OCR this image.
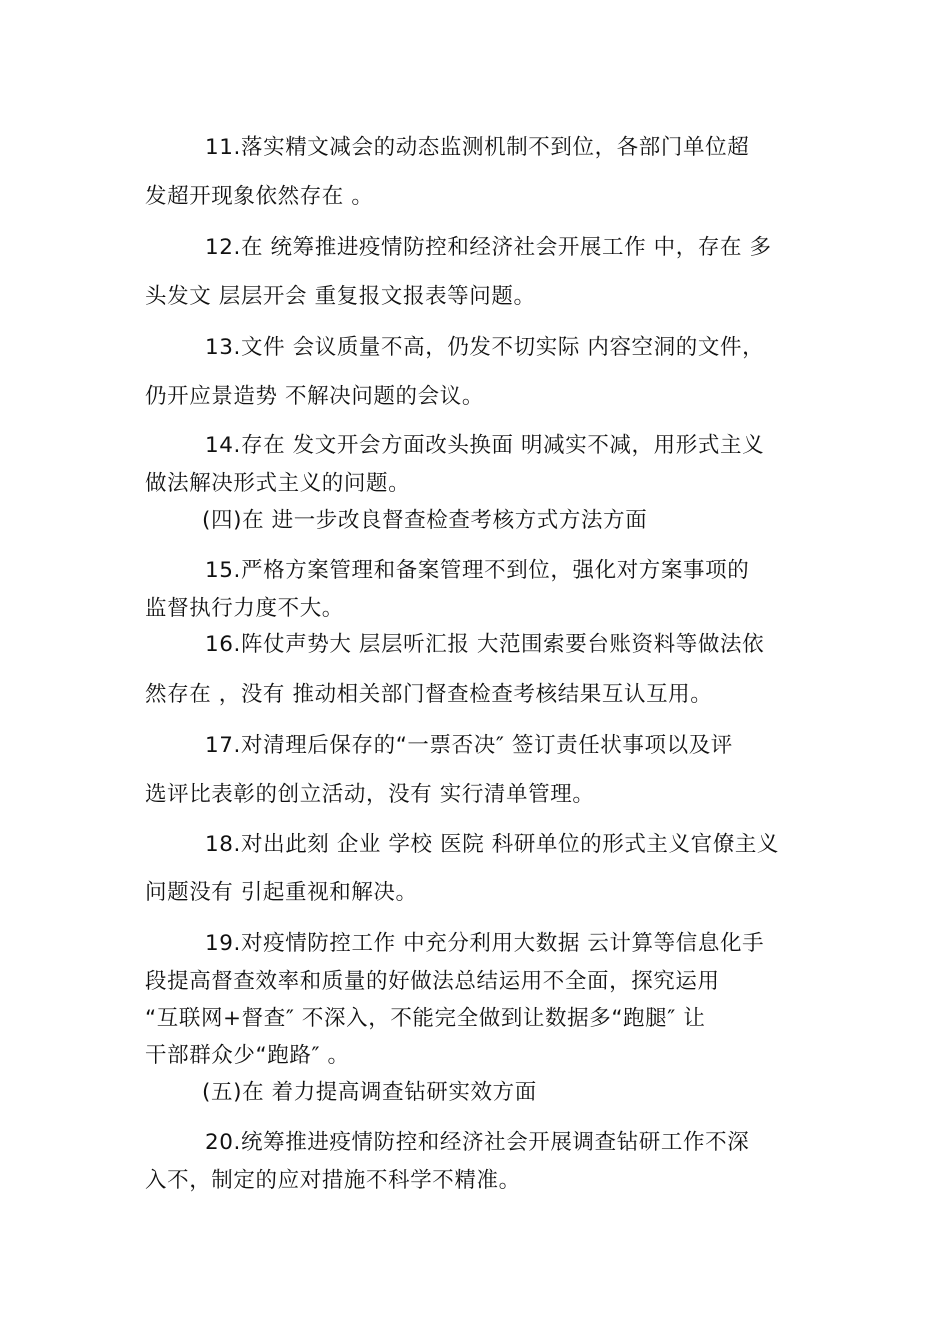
11.落实精文减会的动态监测机制不到位，各部门单位超
发超开现象依然存在 。
12.在 统筹推进疫情防控和经济社会开展工作 中，存在 多
头发文 层层开会 重复报文报表等问题。
13.文件 会议质量不高，仍发不切实际 内容空洞的文件，
仍开应景造势 不解决问题的会议。
14.存在 发文开会方面改头换面 明减实不减，用形式主义
做法解决形式主义的问题。
(四)在 进一步改良督查检查考核方式方法方面
15.严格方案管理和备案管理不到位，强化对方案事项的
监督执行力度不大。
16.阵仗声势大 层层听汇报 大范围索要台账资料等做法依
然存在 ，没有 推动相关部门督查检查考核结果互认互用。
17.对清理后保存的“一票否决″ 签订责任状事项以及评
选评比表彰的创立活动，没有 实行清单管理。
18.对出此刻 企业 学校 医院 科研单位的形式主义官僚主义
问题没有 引起重视和解决。
19.对疫情防控工作 中充分利用大数据 云计算等信息化手
段提高督查效率和质量的好做法总结运用不全面，探究运用
“互联网+督查″ 不深入，不能完全做到让数据多“跑腿″ 让
干部群众少“跑路″ 。
(五)在 着力提高调查钻研实效方面
20.统筹推进疫情防控和经济社会开展调查钻研工作不深
入不，制定的应对措施不科学不精准。
